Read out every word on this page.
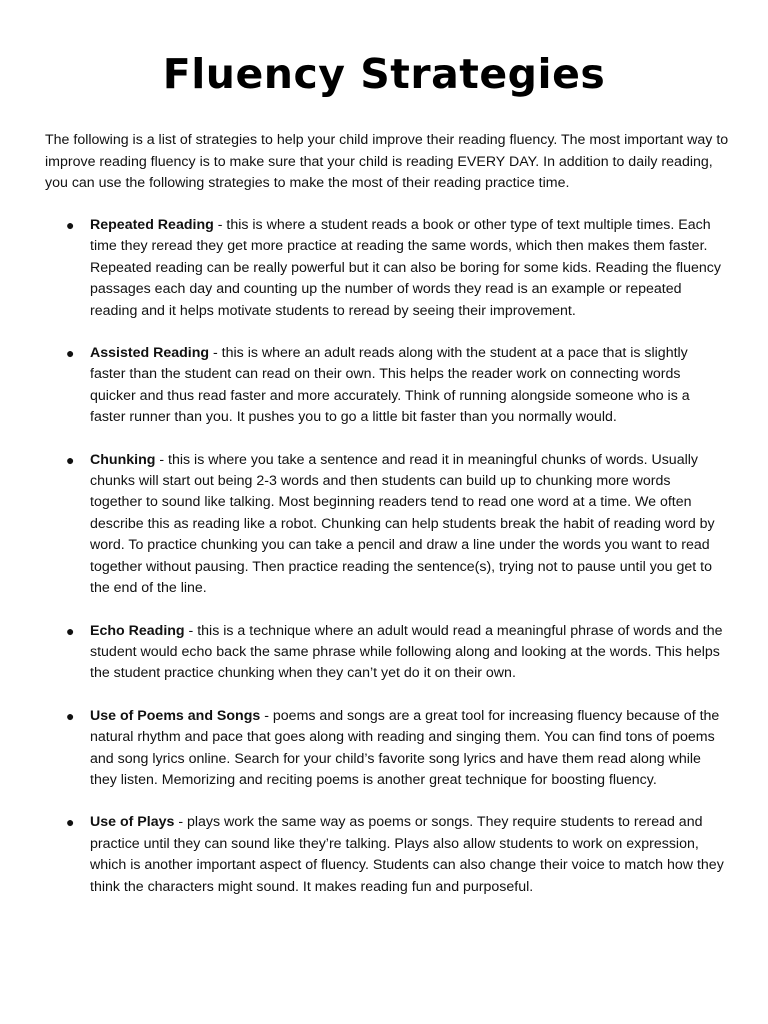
Fluency Strategies

The following is a list of strategies to help your child improve their reading fluency. The most important way to improve reading fluency is to make sure that your child is reading EVERY DAY. In addition to daily reading, you can use the following strategies to make the most of their reading practice time.

● Repeated Reading - this is where a student reads a book or other type of text multiple times. Each time they reread they get more practice at reading the same words, which then makes them faster. Repeated reading can be really powerful but it can also be boring for some kids. Reading the fluency passages each day and counting up the number of words they read is an example or repeated reading and it helps motivate students to reread by seeing their improvement.
● Assisted Reading - this is where an adult reads along with the student at a pace that is slightly faster than the student can read on their own. This helps the reader work on connecting words quicker and thus read faster and more accurately. Think of running alongside someone who is a faster runner than you. It pushes you to go a little bit faster than you normally would.
● Chunking - this is where you take a sentence and read it in meaningful chunks of words. Usually chunks will start out being 2-3 words and then students can build up to chunking more words together to sound like talking. Most beginning readers tend to read one word at a time. We often describe this as reading like a robot. Chunking can help students break the habit of reading word by word. To practice chunking you can take a pencil and draw a line under the words you want to read together without pausing. Then practice reading the sentence(s), trying not to pause until you get to the end of the line.
● Echo Reading - this is a technique where an adult would read a meaningful phrase of words and the student would echo back the same phrase while following along and looking at the words. This helps the student practice chunking when they can’t yet do it on their own.
● Use of Poems and Songs - poems and songs are a great tool for increasing fluency because of the natural rhythm and pace that goes along with reading and singing them. You can find tons of poems and song lyrics online. Search for your child’s favorite song lyrics and have them read along while they listen. Memorizing and reciting poems is another great technique for boosting fluency.
● Use of Plays - plays work the same way as poems or songs. They require students to reread and practice until they can sound like they’re talking. Plays also allow students to work on expression, which is another important aspect of fluency. Students can also change their voice to match how they think the characters might sound. It makes reading fun and purposeful.
